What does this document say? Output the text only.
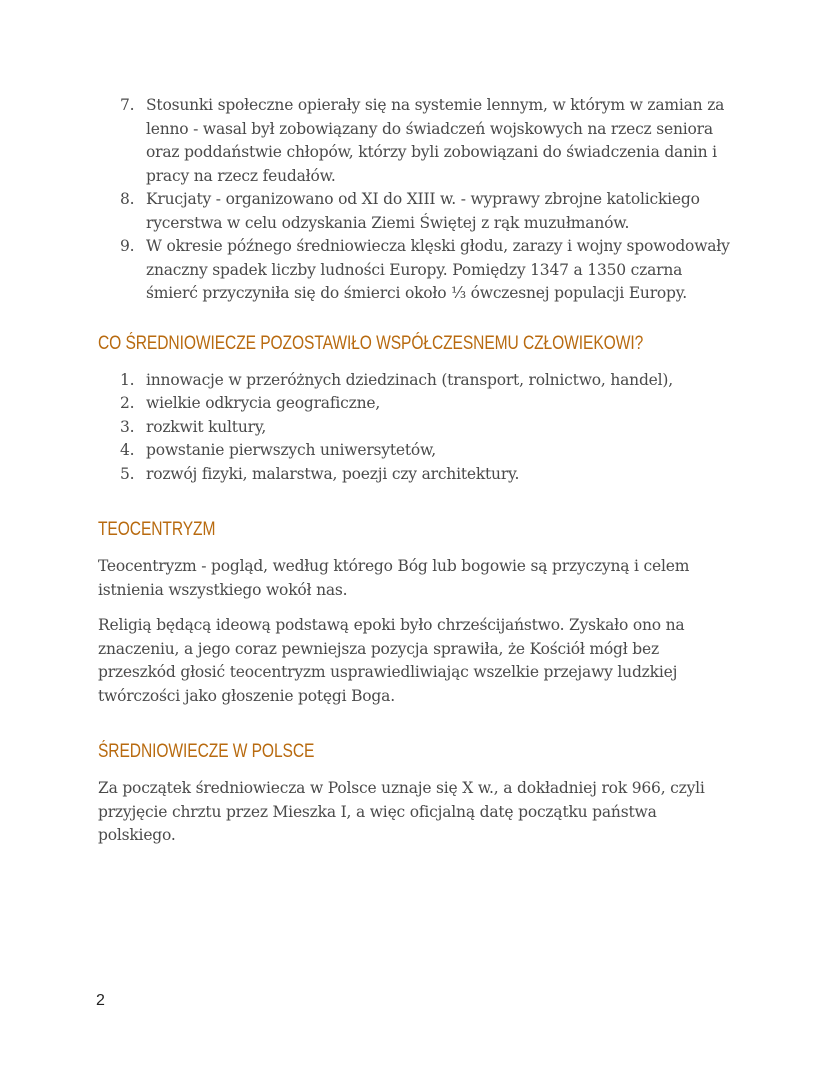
7. Stosunki społeczne opierały się na systemie lennym, w którym w zamian za lenno - wasal był zobowiązany do świadczeń wojskowych na rzecz seniora oraz poddaństwie chłopów, którzy byli zobowiązani do świadczenia danin i pracy na rzecz feudałów.
8. Krucjaty - organizowano od XI do XIII w. - wyprawy zbrojne katolickiego rycerstwa w celu odzyskania Ziemi Świętej z rąk muzułmanów.
9. W okresie późnego średniowiecza klęski głodu, zarazy i wojny spowodowały znaczny spadek liczby ludności Europy. Pomiędzy 1347 a 1350 czarna śmierć przyczyniła się do śmierci około ⅓ ówczesnej populacji Europy.
CO ŚREDNIOWIECZE POZOSTAWIŁO WSPÓŁCZESNEMU CZŁOWIEKOWI?
1. innowacje w przeróżnych dziedzinach (transport, rolnictwo, handel),
2. wielkie odkrycia geograficzne,
3. rozkwit kultury,
4. powstanie pierwszych uniwersytetów,
5. rozwój fizyki, malarstwa, poezji czy architektury.
TEOCENTRYZM

Teocentryzm - pogląd, według którego Bóg lub bogowie są przyczyną i celem istnienia wszystkiego wokół nas.

Religią będącą ideową podstawą epoki było chrześcijaństwo. Zyskało ono na znaczeniu, a jego coraz pewniejsza pozycja sprawiła, że Kościół mógł bez przeszkód głosić teocentryzm usprawiedliwiając wszelkie przejawy ludzkiej twórczości jako głoszenie potęgi Boga.

ŚREDNIOWIECZE W POLSCE

Za początek średniowiecza w Polsce uznaje się X w., a dokładniej rok 966, czyli przyjęcie chrztu przez Mieszka I, a więc oficjalną datę początku państwa polskiego.

2
